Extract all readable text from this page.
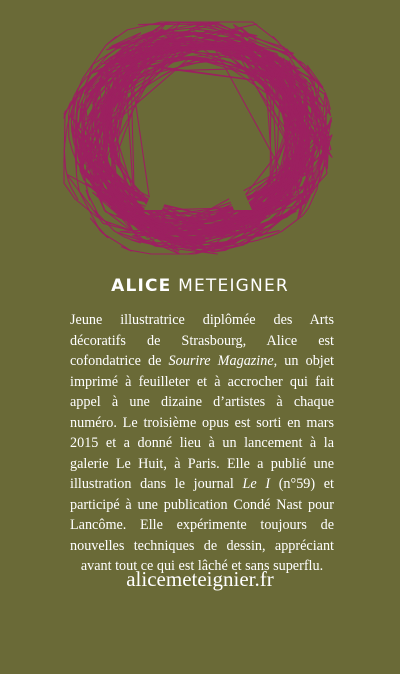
ALICE METEIGNER

Jeune illustratrice diplômée des Arts décoratifs de Strasbourg, Alice est cofondatrice de Sourire Magazine, un objet imprimé à feuilleter et à accrocher qui fait appel à une dizaine d’artistes à chaque numéro. Le troisième opus est sorti en mars 2015 et a donné lieu à un lancement à la galerie Le Huit, à Paris. Elle a publié une illustration dans le journal Le I (n°59) et participé à une publication Condé Nast pour Lancôme. Elle expérimente toujours de nouvelles techniques de dessin, appréciant avant tout ce qui est lâché et sans superflu.

alicemeteignier.fr
